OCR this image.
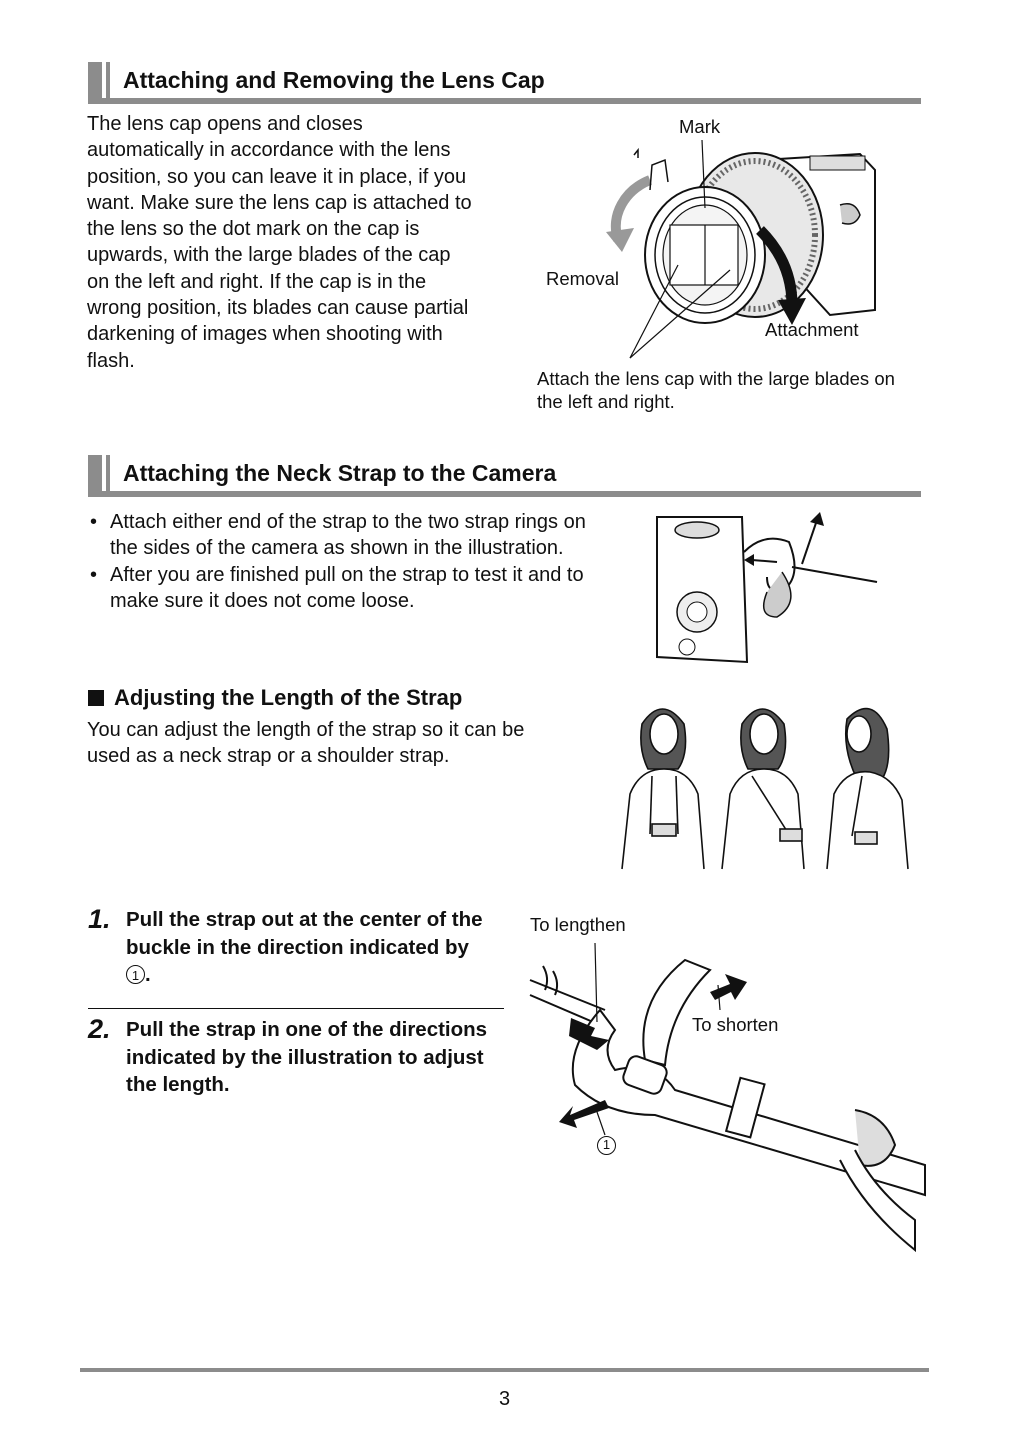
Attaching and Removing the Lens Cap
The lens cap opens and closes automatically in accordance with the lens position, so you can leave it in place, if you want. Make sure the lens cap is attached to the lens so the dot mark on the cap is upwards, with the large blades of the cap on the left and right. If the cap is in the wrong position, its blades can cause partial darkening of images when shooting with flash.
Mark
Removal
Attachment
Attach the lens cap with the large blades on the left and right.
Attaching the Neck Strap to the Camera
• Attach either end of the strap to the two strap rings on the sides of the camera as shown in the illustration.
• After you are finished pull on the strap to test it and to make sure it does not come loose.
Adjusting the Length of the Strap
You can adjust the length of the strap so it can be used as a neck strap or a shoulder strap.
1. Pull the strap out at the center of the buckle in the direction indicated by 1 .
2. Pull the strap in one of the directions indicated by the illustration to adjust the length.
To lengthen
To shorten
1
3
